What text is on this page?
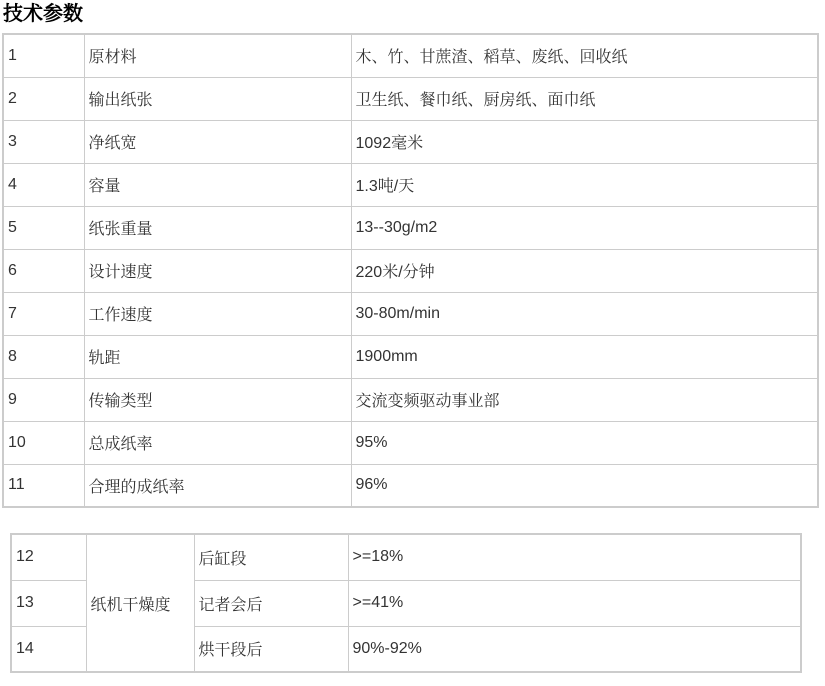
技术参数
1	原材料	木、竹、甘蔗渣、稻草、废纸、回收纸
2	输出纸张	卫生纸、餐巾纸、厨房纸、面巾纸
3	净纸宽	1092毫米
4	容量	1.3吨/天
5	纸张重量	13--30g/m2
6	设计速度	220米/分钟
7	工作速度	30-80m/min
8	轨距	1900mm
9	传输类型	交流变频驱动事业部
10	总成纸率	95%
11	合理的成纸率	96%
12	纸机干燥度	后缸段	>=18%
13		记者会后	>=41%
14		烘干段后	90%-92%
